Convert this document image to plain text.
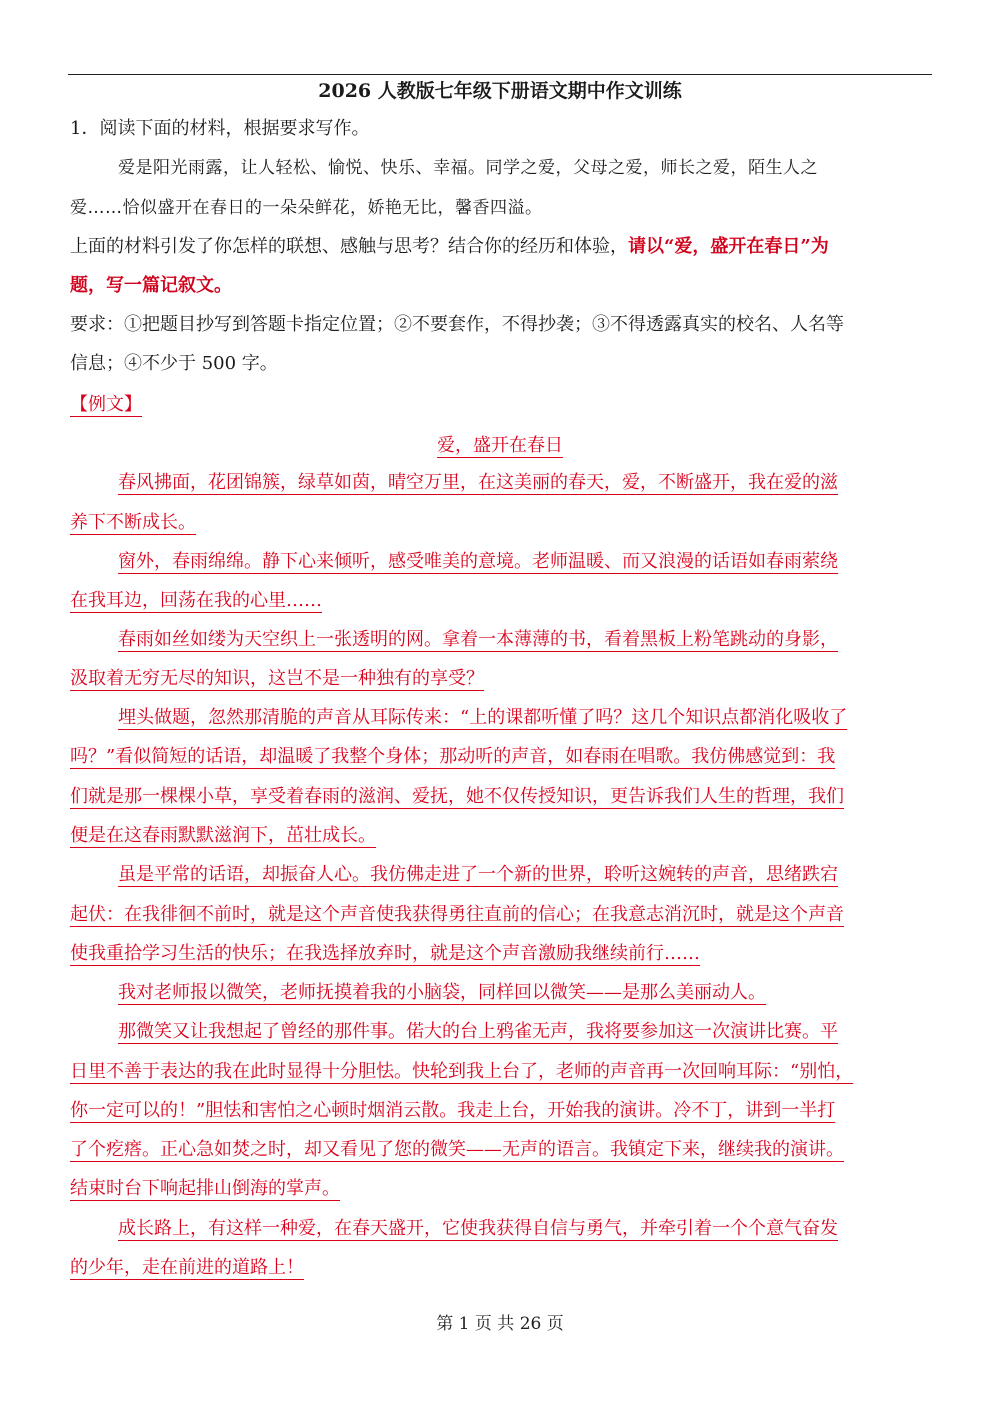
2026 人教版七年级下册语文期中作文训练
1．阅读下面的材料，根据要求写作。
爱是阳光雨露，让人轻松、愉悦、快乐、幸福。同学之爱，父母之爱，师长之爱，陌生人之
爱……恰似盛开在春日的一朵朵鲜花，娇艳无比，馨香四溢。
上面的材料引发了你怎样的联想、感触与思考？结合你的经历和体验，请以“爱，盛开在春日”为
题，写一篇记叙文。
要求：①把题目抄写到答题卡指定位置；②不要套作，不得抄袭；③不得透露真实的校名、人名等
信息；④不少于 500 字。
【例文】
爱，盛开在春日
春风拂面，花团锦簇，绿草如茵，晴空万里，在这美丽的春天，爱，不断盛开，我在爱的滋
养下不断成长。
窗外，春雨绵绵。静下心来倾听，感受唯美的意境。老师温暖、而又浪漫的话语如春雨萦绕
在我耳边，回荡在我的心里……
春雨如丝如缕为天空织上一张透明的网。拿着一本薄薄的书，看着黑板上粉笔跳动的身影，
汲取着无穷无尽的知识，这岂不是一种独有的享受？
埋头做题，忽然那清脆的声音从耳际传来：“上的课都听懂了吗？这几个知识点都消化吸收了
吗？”看似简短的话语，却温暖了我整个身体；那动听的声音，如春雨在唱歌。我仿佛感觉到：我
们就是那一棵棵小草，享受着春雨的滋润、爱抚，她不仅传授知识，更告诉我们人生的哲理，我们
便是在这春雨默默滋润下，茁壮成长。
虽是平常的话语，却振奋人心。我仿佛走进了一个新的世界，聆听这婉转的声音，思绪跌宕
起伏：在我徘徊不前时，就是这个声音使我获得勇往直前的信心；在我意志消沉时，就是这个声音
使我重拾学习生活的快乐；在我选择放弃时，就是这个声音激励我继续前行……
我对老师报以微笑，老师抚摸着我的小脑袋，同样回以微笑——是那么美丽动人。
那微笑又让我想起了曾经的那件事。偌大的台上鸦雀无声，我将要参加这一次演讲比赛。平
日里不善于表达的我在此时显得十分胆怯。快轮到我上台了，老师的声音再一次回响耳际：“别怕，
你一定可以的！”胆怯和害怕之心顿时烟消云散。我走上台，开始我的演讲。冷不丁，讲到一半打
了个疙瘩。正心急如焚之时，却又看见了您的微笑——无声的语言。我镇定下来，继续我的演讲。
结束时台下响起排山倒海的掌声。
成长路上，有这样一种爱，在春天盛开，它使我获得自信与勇气，并牵引着一个个意气奋发
的少年，走在前进的道路上！
第 1 页 共 26 页
